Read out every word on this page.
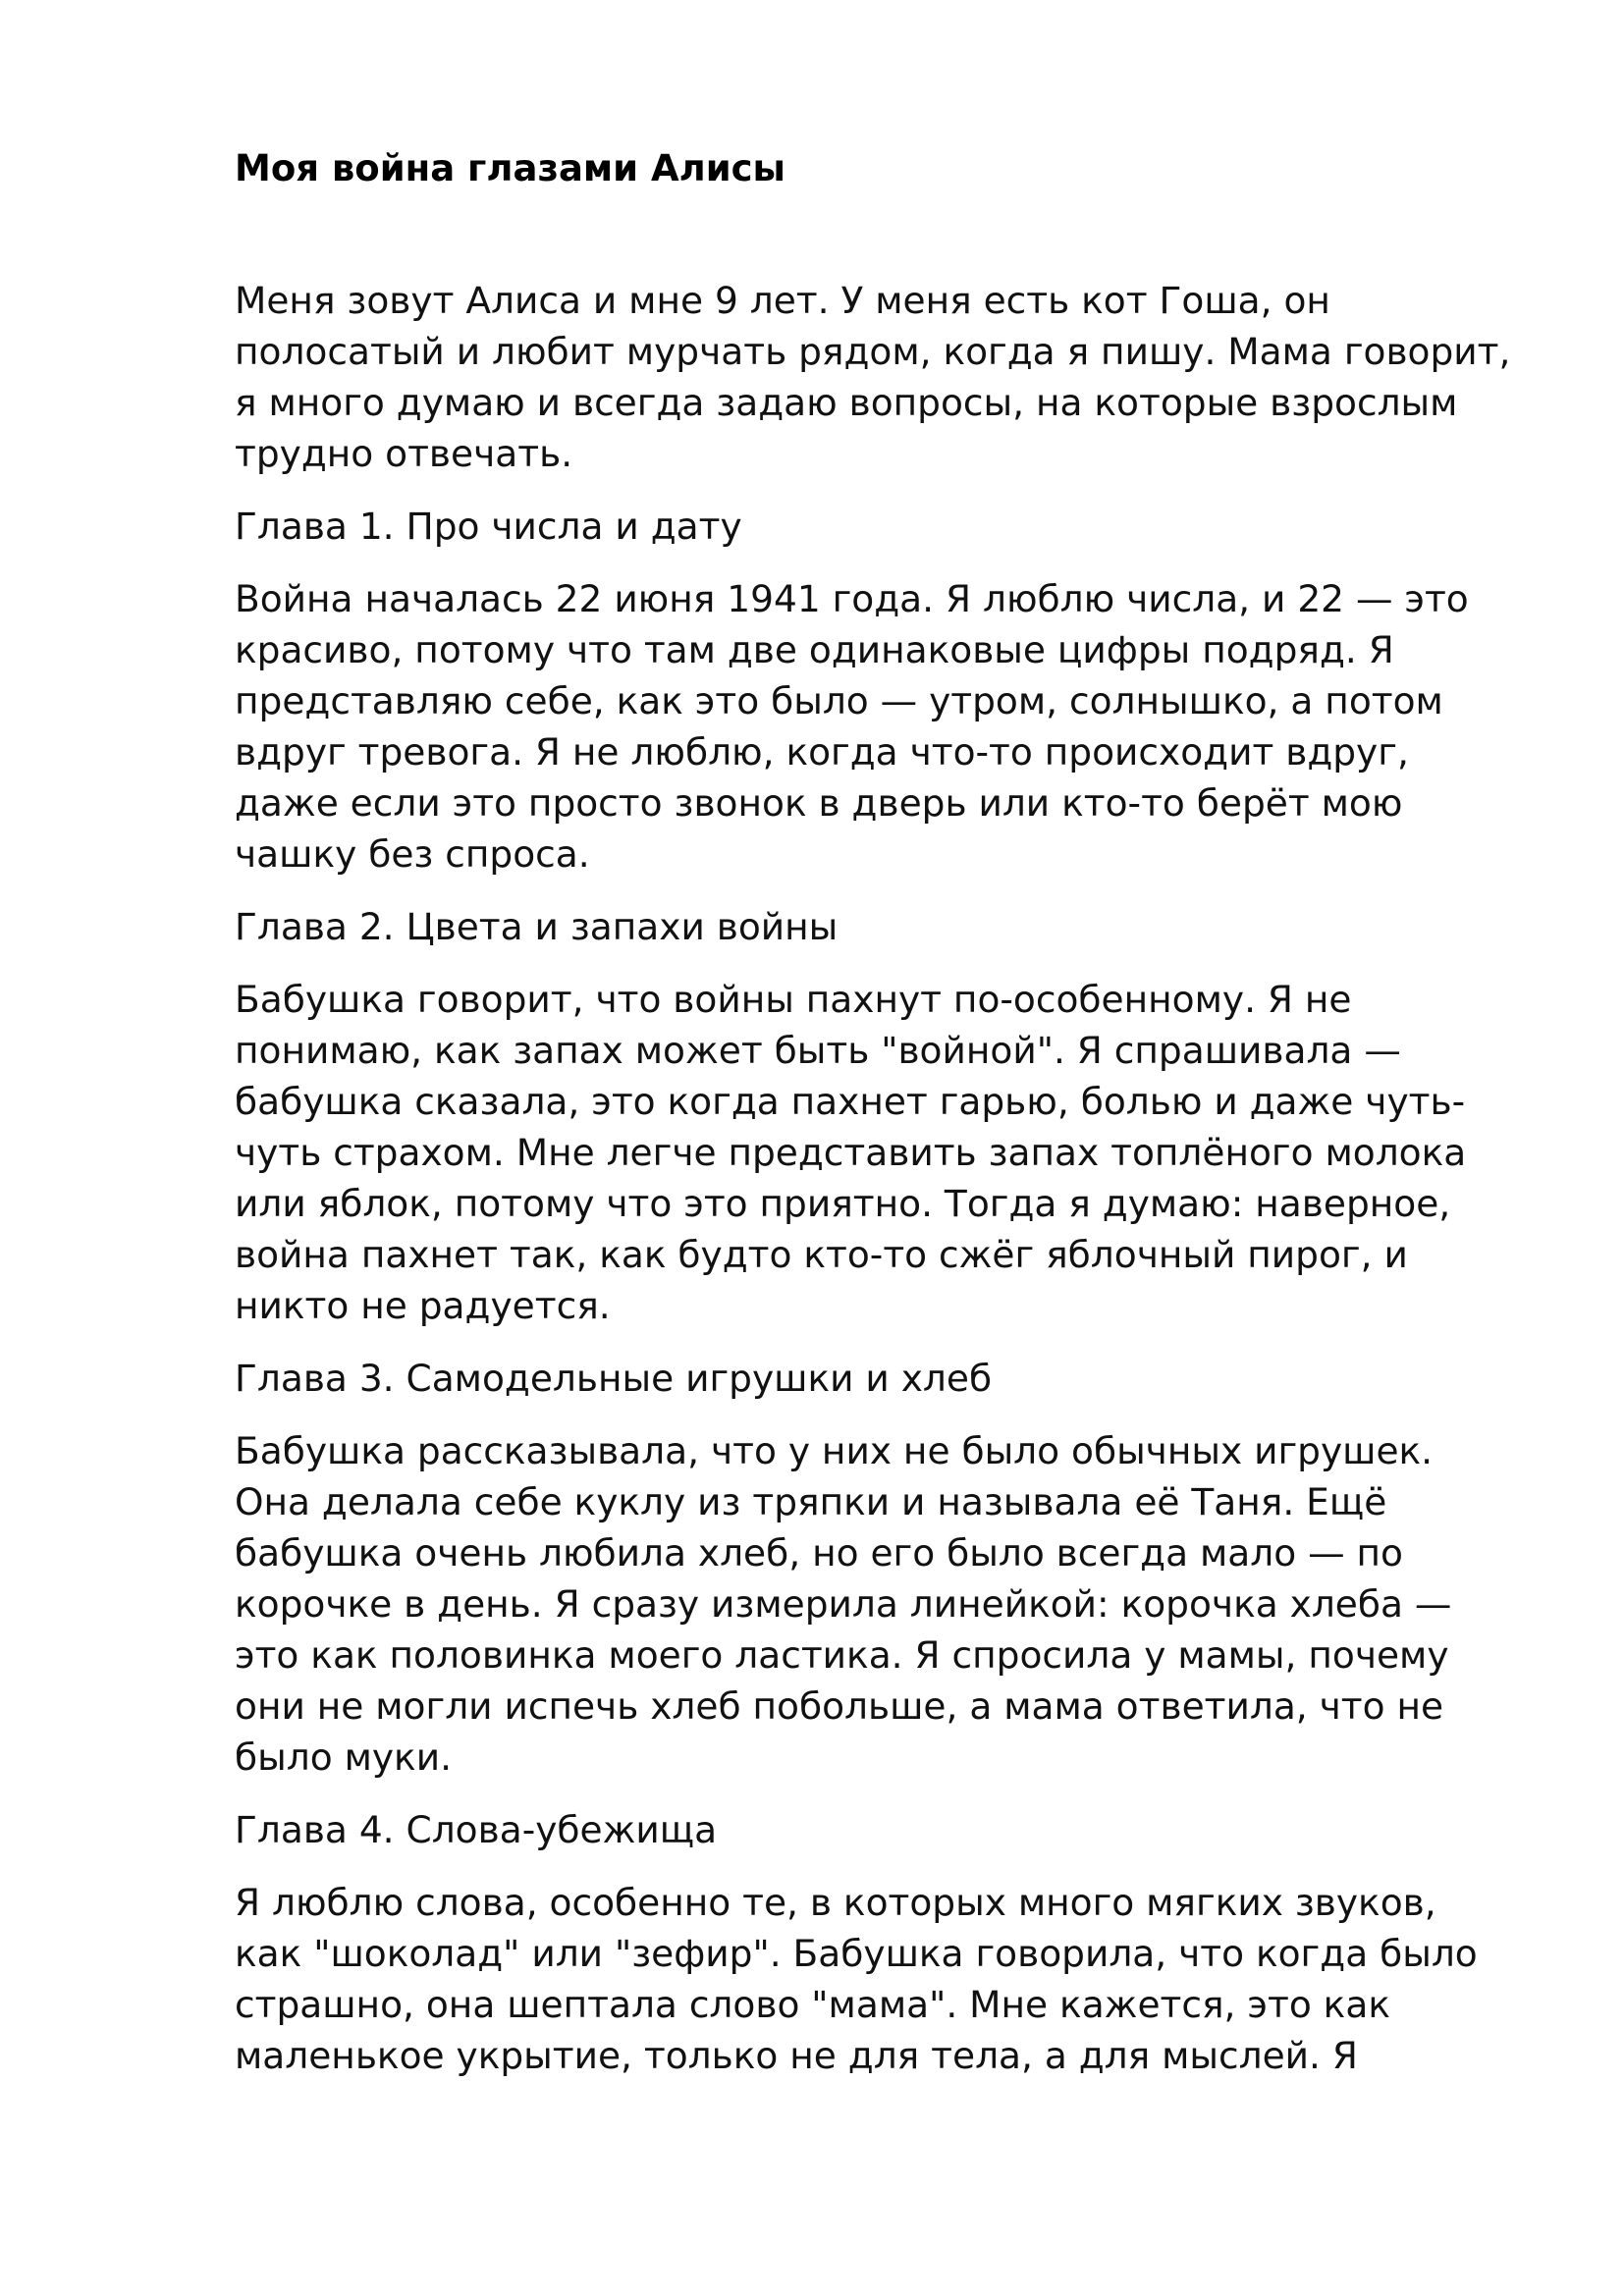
Моя война глазами Алисы

Меня зовут Алиса и мне 9 лет. У меня есть кот Гоша, он полосатый и любит мурчать рядом, когда я пишу. Мама говорит, я много думаю и всегда задаю вопросы, на которые взрослым трудно отвечать.

Глава 1. Про числа и дату

Война началась 22 июня 1941 года. Я люблю числа, и 22 — это красиво, потому что там две одинаковые цифры подряд. Я представляю себе, как это было — утром, солнышко, а потом вдруг тревога. Я не люблю, когда что-то происходит вдруг, даже если это просто звонок в дверь или кто-то берёт мою чашку без спроса.

Глава 2. Цвета и запахи войны

Бабушка говорит, что войны пахнут по-особенному. Я не понимаю, как запах может быть "войной". Я спрашивала — бабушка сказала, это когда пахнет гарью, болью и даже чуть-чуть страхом. Мне легче представить запах топлёного молока или яблок, потому что это приятно. Тогда я думаю: наверное, война пахнет так, как будто кто-то сжёг яблочный пирог, и никто не радуется.

Глава 3. Самодельные игрушки и хлеб

Бабушка рассказывала, что у них не было обычных игрушек. Она делала себе куклу из тряпки и называла её Таня. Ещё бабушка очень любила хлеб, но его было всегда мало — по корочке в день. Я сразу измерила линейкой: корочка хлеба — это как половинка моего ластика. Я спросила у мамы, почему они не могли испечь хлеб побольше, а мама ответила, что не было муки.

Глава 4. Слова-убежища

Я люблю слова, особенно те, в которых много мягких звуков, как "шоколад" или "зефир". Бабушка говорила, что когда было страшно, она шептала слово "мама". Мне кажется, это как маленькое укрытие, только не для тела, а для мыслей. Я
